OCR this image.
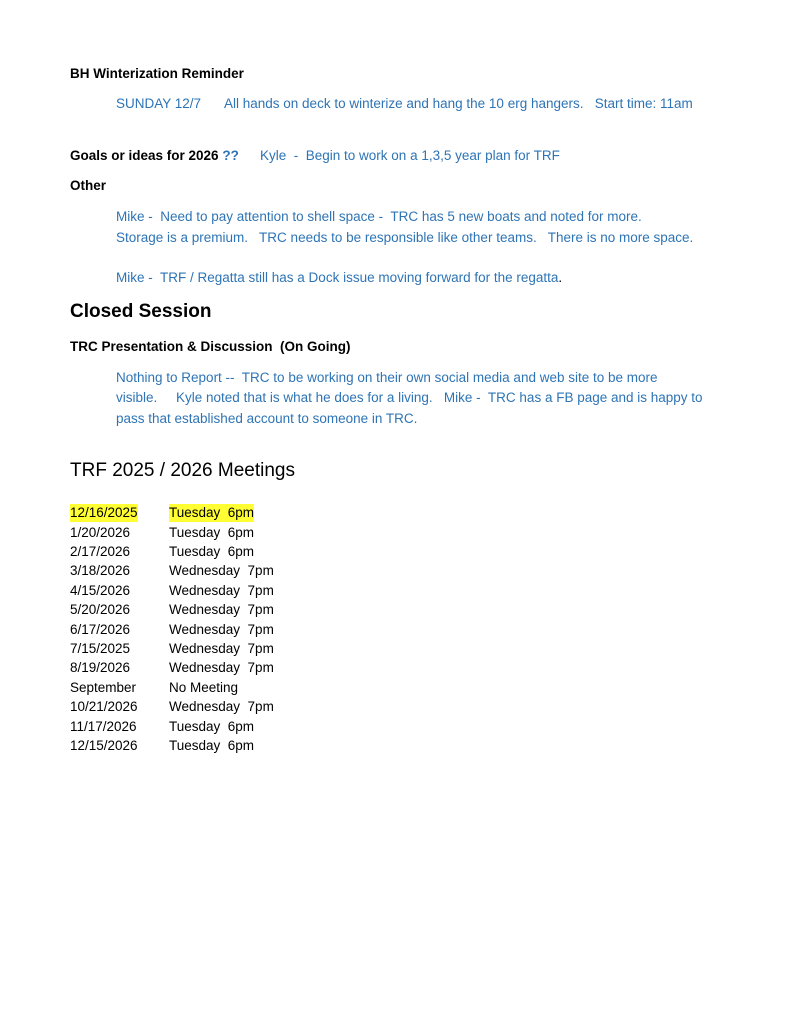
BH Winterization Reminder
SUNDAY 12/7 All hands on deck to winterize and hang the 10 erg hangers.   Start time: 11am
Goals or ideas for 2026 ?? Kyle  -  Begin to work on a 1,3,5 year plan for TRF
Other
Mike -  Need to pay attention to shell space -  TRC has 5 new boats and noted for more.
Storage is a premium.   TRC needs to be responsible like other teams.   There is no more space.
Mike -  TRF / Regatta still has a Dock issue moving forward for the regatta.
Closed Session
TRC Presentation & Discussion  (On Going)
Nothing to Report --  TRC to be working on their own social media and web site to be more
visible.     Kyle noted that is what he does for a living.   Mike -  TRC has a FB page and is happy to
pass that established account to someone in TRC.
TRF 2025 / 2026 Meetings
12/16/2025 Tuesday  6pm
1/20/2026	Tuesday  6pm
2/17/2026	Tuesday  6pm
3/18/2026	Wednesday  7pm
4/15/2026	Wednesday  7pm
5/20/2026	Wednesday  7pm
6/17/2026	Wednesday  7pm
7/15/2025	Wednesday  7pm
8/19/2026	Wednesday  7pm
September No Meeting
10/21/2026 Wednesday  7pm
11/17/2026 Tuesday  6pm
12/15/2026 Tuesday  6pm
